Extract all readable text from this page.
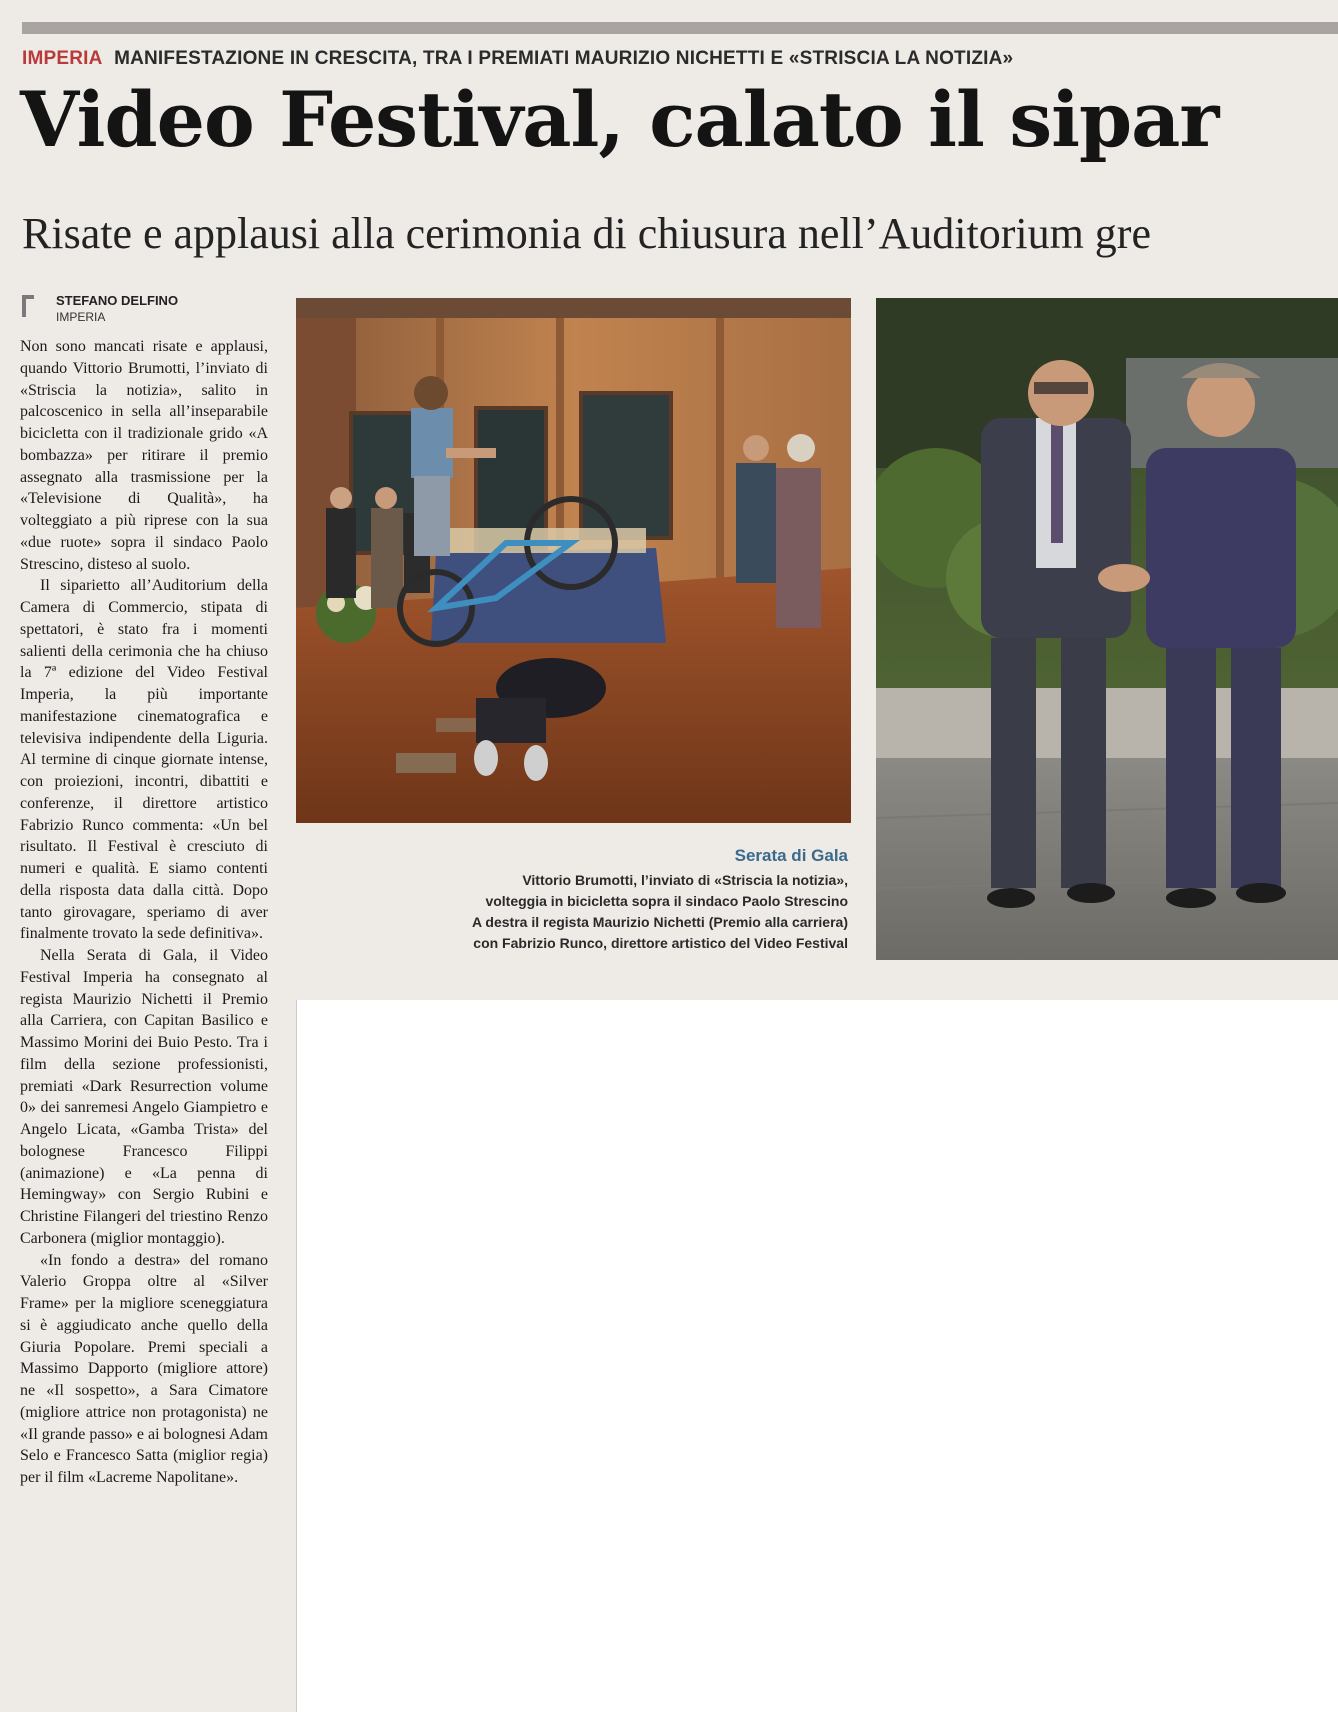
IMPERIA MANIFESTAZIONE IN CRESCITA, TRA I PREMIATI MAURIZIO NICHETTI E «STRISCIA LA NOTIZIA»
Video Festival, calato il sipar
Risate e applausi alla cerimonia di chiusura nell’Auditorium gre
STEFANO DELFINO
IMPERIA

Non sono mancati risate e applausi, quando Vittorio Brumotti, l’inviato di «Striscia la notizia», salito in palcoscenico in sella all’inseparabile bicicletta con il tradizionale grido «A bombazza» per ritirare il premio assegnato alla trasmissione per la «Televisione di Qualità», ha volteggiato a più riprese con la sua «due ruote» sopra il sindaco Paolo Strescino, disteso al suolo.

Il siparietto all’Auditorium della Camera di Commercio, stipata di spettatori, è stato fra i momenti salienti della cerimonia che ha chiuso la 7ª edizione del Video Festival Imperia, la più importante manifestazione cinematografica e televisiva indipendente della Liguria. Al termine di cinque giornate intense, con proiezioni, incontri, dibattiti e conferenze, il direttore artistico Fabrizio Runco commenta: «Un bel risultato. Il Festival è cresciuto di numeri e qualità. E siamo contenti della risposta data dalla città. Dopo tanto girovagare, speriamo di aver finalmente trovato la sede definitiva».

Nella Serata di Gala, il Video Festival Imperia ha consegnato al regista Maurizio Nichetti il Premio alla Carriera, con Capitan Basilico e Massimo Morini dei Buio Pesto. Tra i film della sezione professionisti, premiati «Dark Resurrection volume 0» dei sanremesi Angelo Giampietro e Angelo Licata, «Gamba Trista» del bolognese Francesco Filippi (animazione) e «La penna di Hemingway» con Sergio Rubini e Christine Filangeri del triestino Renzo Carbonera (miglior montaggio).

«In fondo a destra» del romano Valerio Groppa oltre al «Silver Frame» per la migliore sceneggiatura si è aggiudicato anche quello della Giuria Popolare. Premi speciali a Massimo Dapporto (migliore attore) ne «Il sospetto», a Sara Cimatore (migliore attrice non protagonista) ne «Il grande passo» e ai bolognesi Adam Selo e Francesco Satta (miglior regia) per il film «Lacreme Napolitane».

Serata di Gala
Vittorio Brumotti, l’inviato di «Striscia la notizia»,
volteggia in bicicletta sopra il sindaco Paolo Strescino
A destra il regista Maurizio Nichetti (Premio alla carriera)
con Fabrizio Runco, direttore artistico del Video Festival
